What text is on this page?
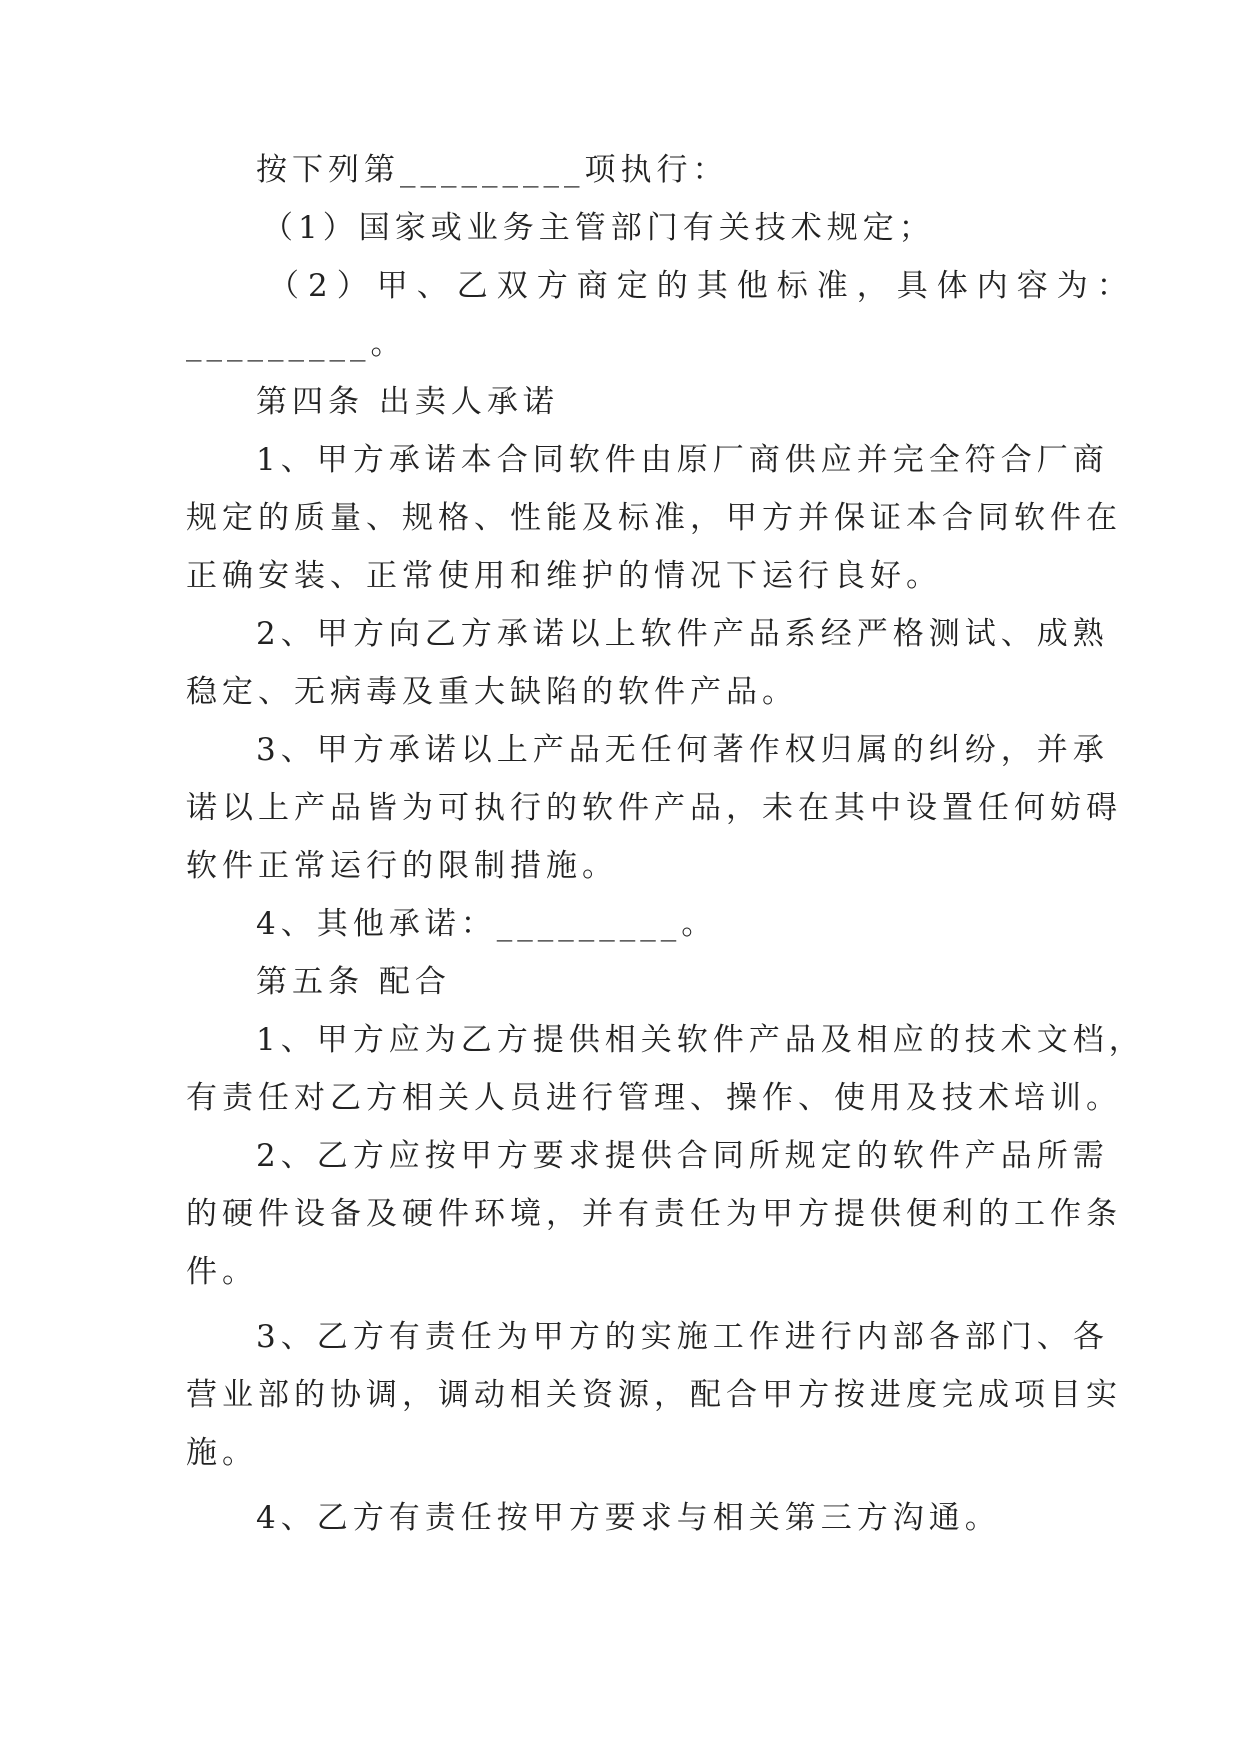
按下列第_________项执行：
（1）国家或业务主管部门有关技术规定；
（2）甲、乙双方商定的其他标准，具体内容为：
_________。
第四条 出卖人承诺
1、甲方承诺本合同软件由原厂商供应并完全符合厂商
规定的质量、规格、性能及标准，甲方并保证本合同软件在
正确安装、正常使用和维护的情况下运行良好。
2、甲方向乙方承诺以上软件产品系经严格测试、成熟
稳定、无病毒及重大缺陷的软件产品。
3、甲方承诺以上产品无任何著作权归属的纠纷，并承
诺以上产品皆为可执行的软件产品，未在其中设置任何妨碍
软件正常运行的限制措施。
4、其他承诺：_________。
第五条 配合
1、甲方应为乙方提供相关软件产品及相应的技术文档，
有责任对乙方相关人员进行管理、操作、使用及技术培训。
2、乙方应按甲方要求提供合同所规定的软件产品所需
的硬件设备及硬件环境，并有责任为甲方提供便利的工作条
件。
3、乙方有责任为甲方的实施工作进行内部各部门、各
营业部的协调，调动相关资源，配合甲方按进度完成项目实
施。
4、乙方有责任按甲方要求与相关第三方沟通。
